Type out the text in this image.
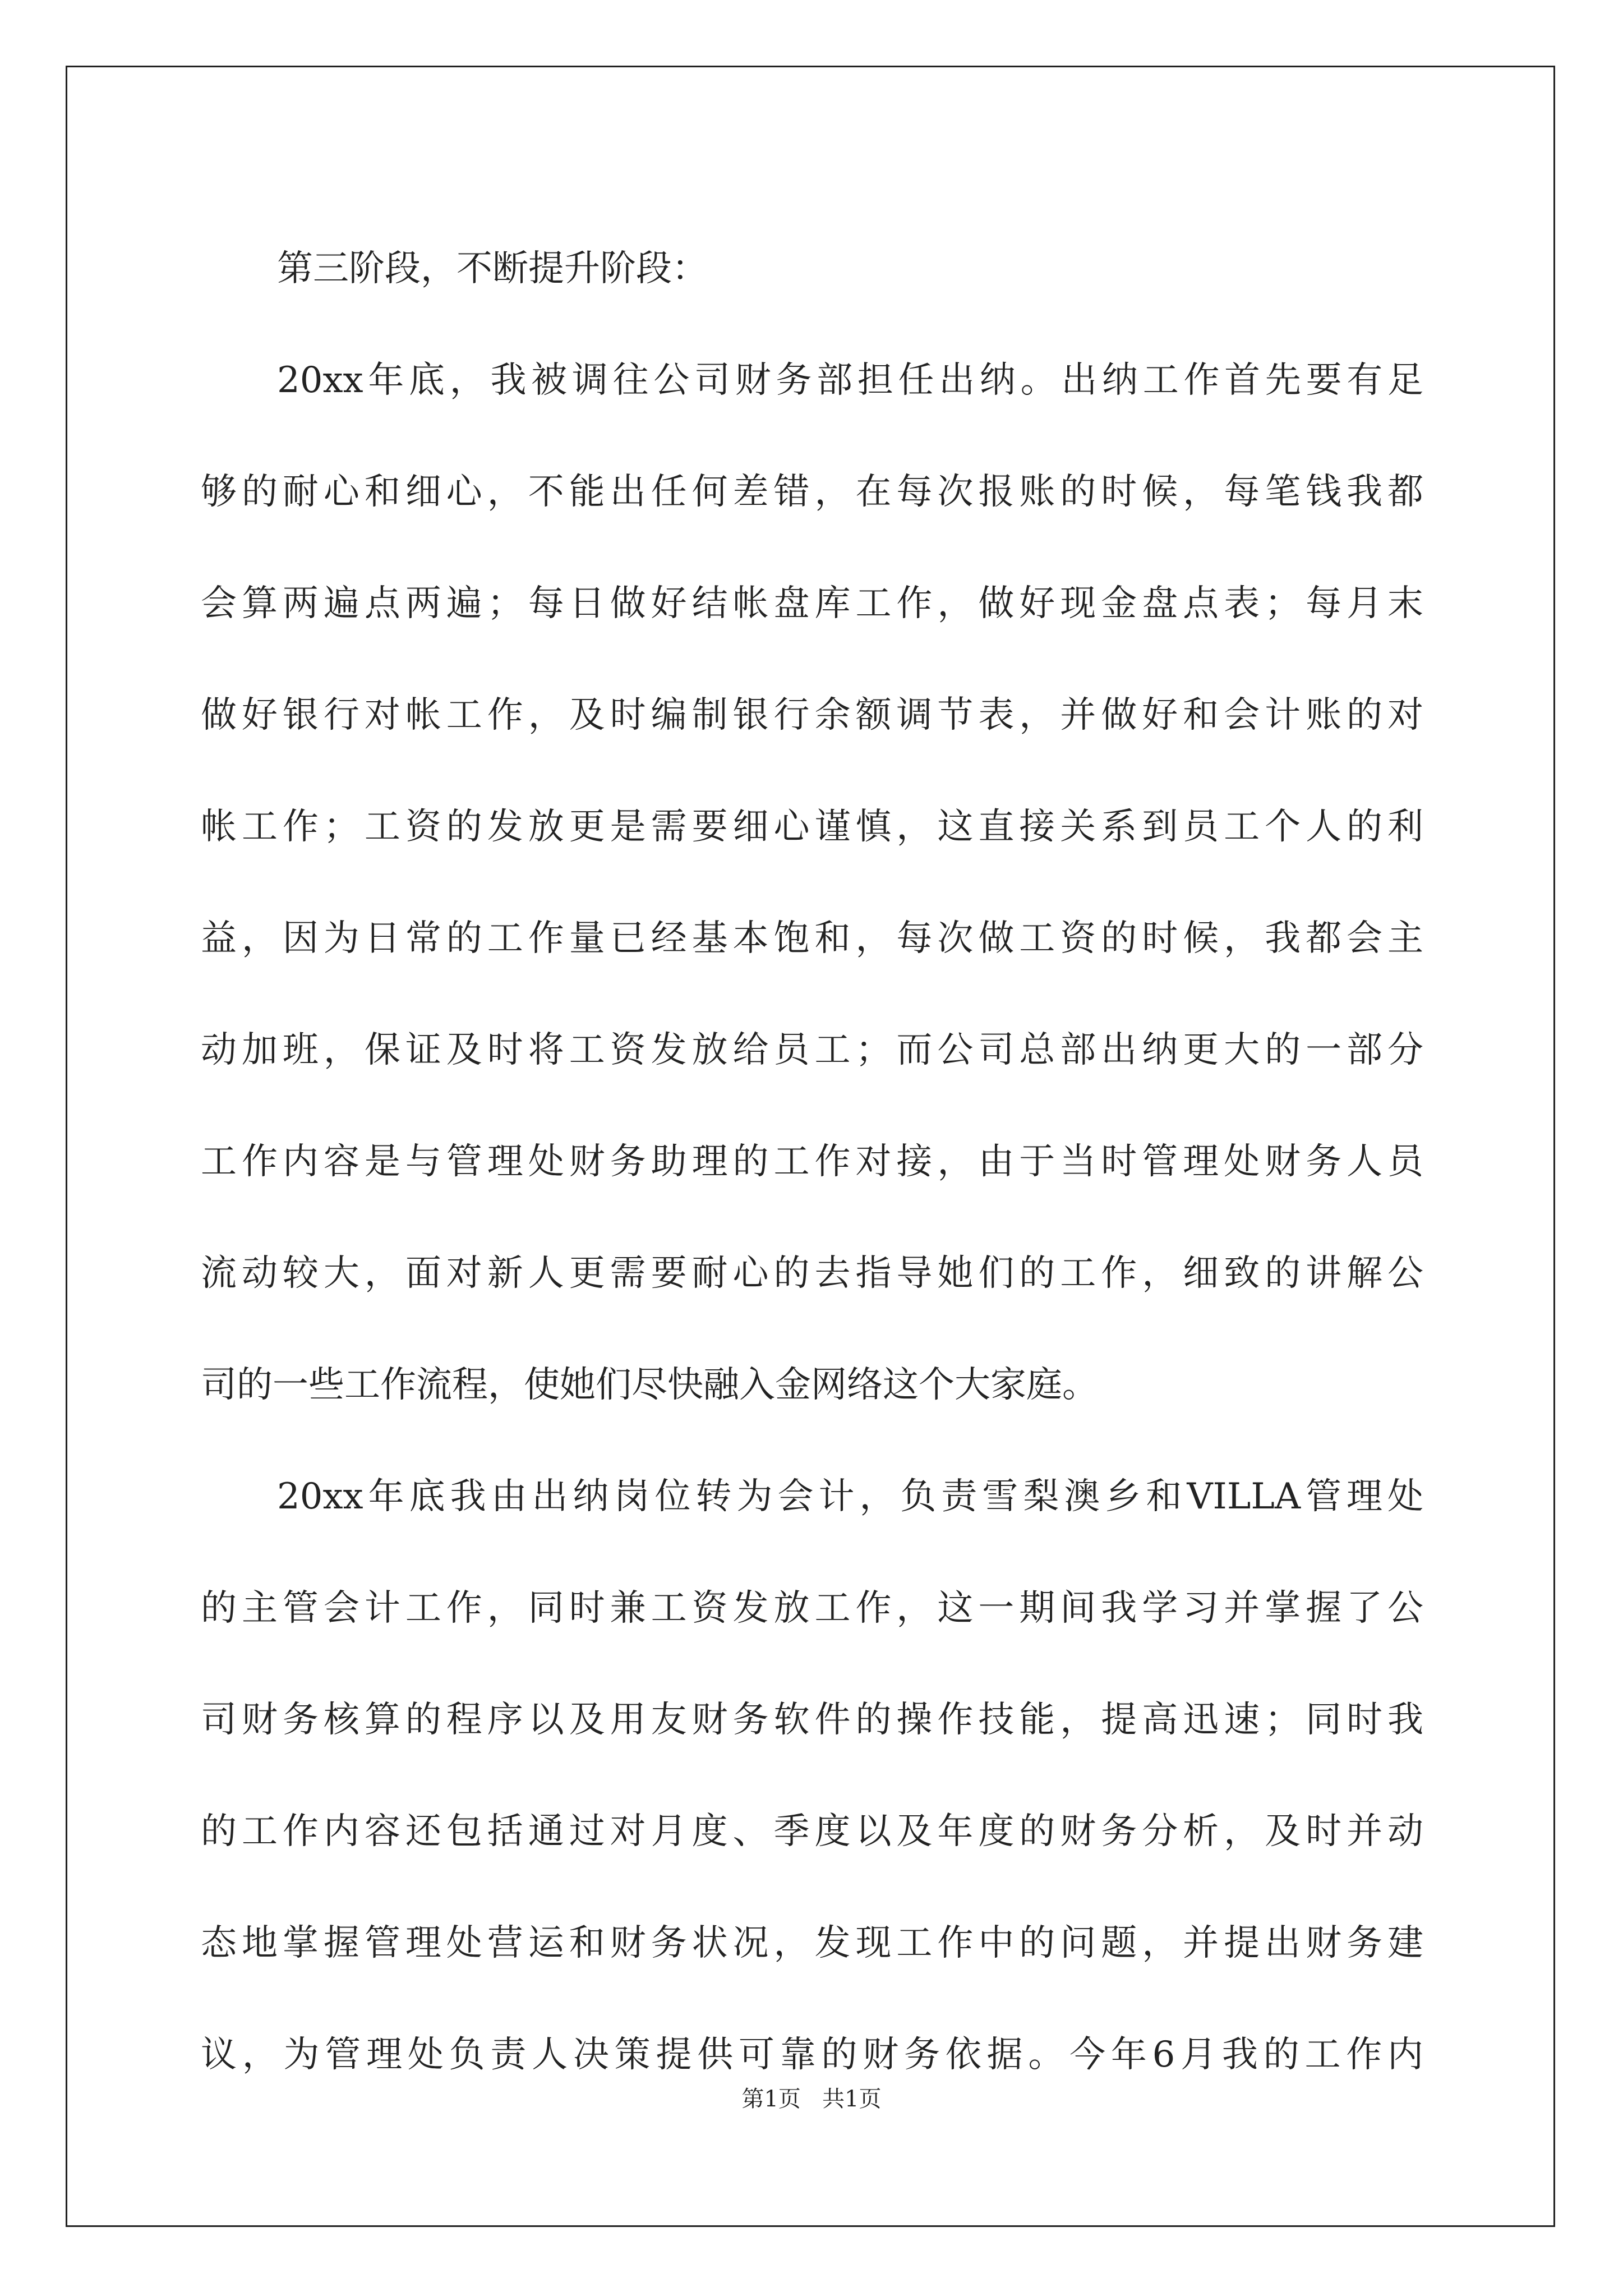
第三阶段，不断提升阶段：
20xx年底，我被调往公司财务部担任出纳。出纳工作首先要有足
够的耐心和细心，不能出任何差错，在每次报账的时候，每笔钱我都
会算两遍点两遍；每日做好结帐盘库工作，做好现金盘点表；每月末
做好银行对帐工作，及时编制银行余额调节表，并做好和会计账的对
帐工作；工资的发放更是需要细心谨慎，这直接关系到员工个人的利
益，因为日常的工作量已经基本饱和，每次做工资的时候，我都会主
动加班，保证及时将工资发放给员工；而公司总部出纳更大的一部分
工作内容是与管理处财务助理的工作对接，由于当时管理处财务人员
流动较大，面对新人更需要耐心的去指导她们的工作，细致的讲解公
司的一些工作流程，使她们尽快融入金网络这个大家庭。
20xx年底我由出纳岗位转为会计，负责雪梨澳乡和VILLA管理处
的主管会计工作，同时兼工资发放工作，这一期间我学习并掌握了公
司财务核算的程序以及用友财务软件的操作技能，提高迅速；同时我
的工作内容还包括通过对月度、季度以及年度的财务分析，及时并动
态地掌握管理处营运和财务状况，发现工作中的问题，并提出财务建
议，为管理处负责人决策提供可靠的财务依据。今年6月我的工作内
第1页   共1页
